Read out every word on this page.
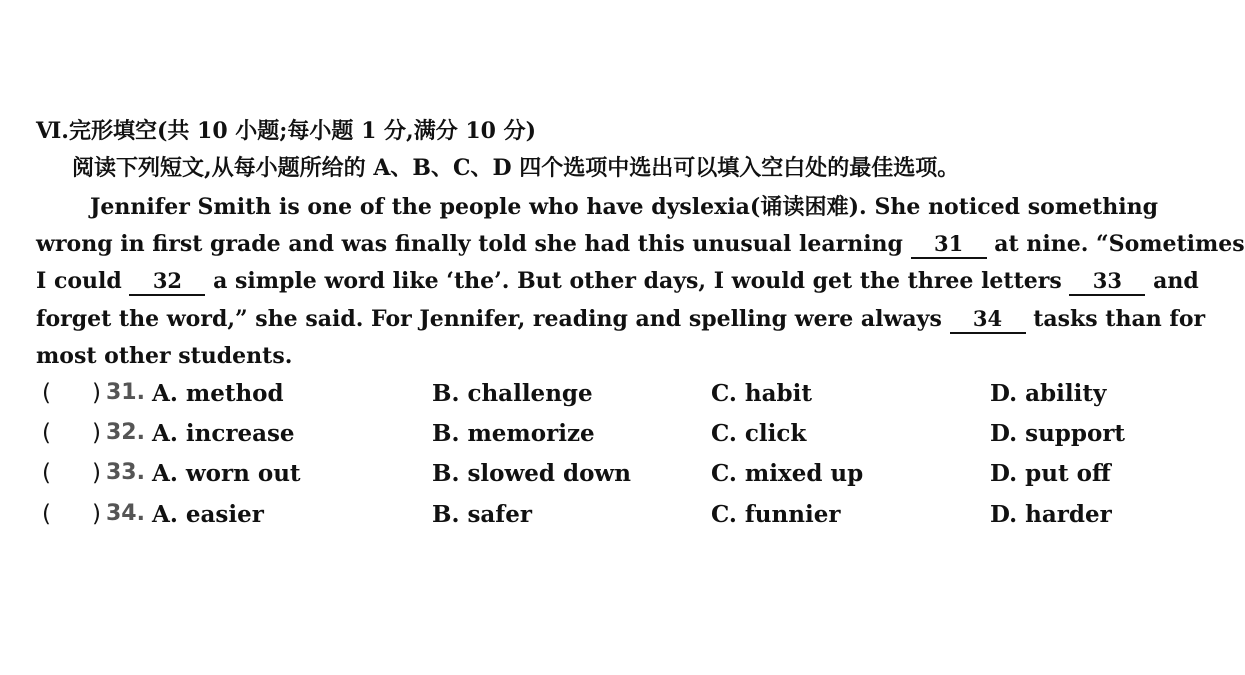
Ⅵ.完形填空(共 10 小题;每小题 1 分,满分 10 分)
阅读下列短文,从每小题所给的 A、B、C、D 四个选项中选出可以填入空白处的最佳选项。
Jennifer Smith is one of the people who have dyslexia(诵读困难). She noticed something
wrong in first grade and was finally told she had this unusual learning 31 at nine. “Sometimes
I could 32 a simple word like ‘the’. But other days, I would get the three letters 33 and
forget the word,” she said. For Jennifer, reading and spelling were always 34 tasks than for
most other students.
( ) 31. A. method	B. challenge	C. habit	D. ability
( ) 32. A. increase	B. memorize	C. click	D. support
( ) 33. A. worn out	B. slowed down	C. mixed up	D. put off
( ) 34. A. easier	B. safer	C. funnier	D. harder
